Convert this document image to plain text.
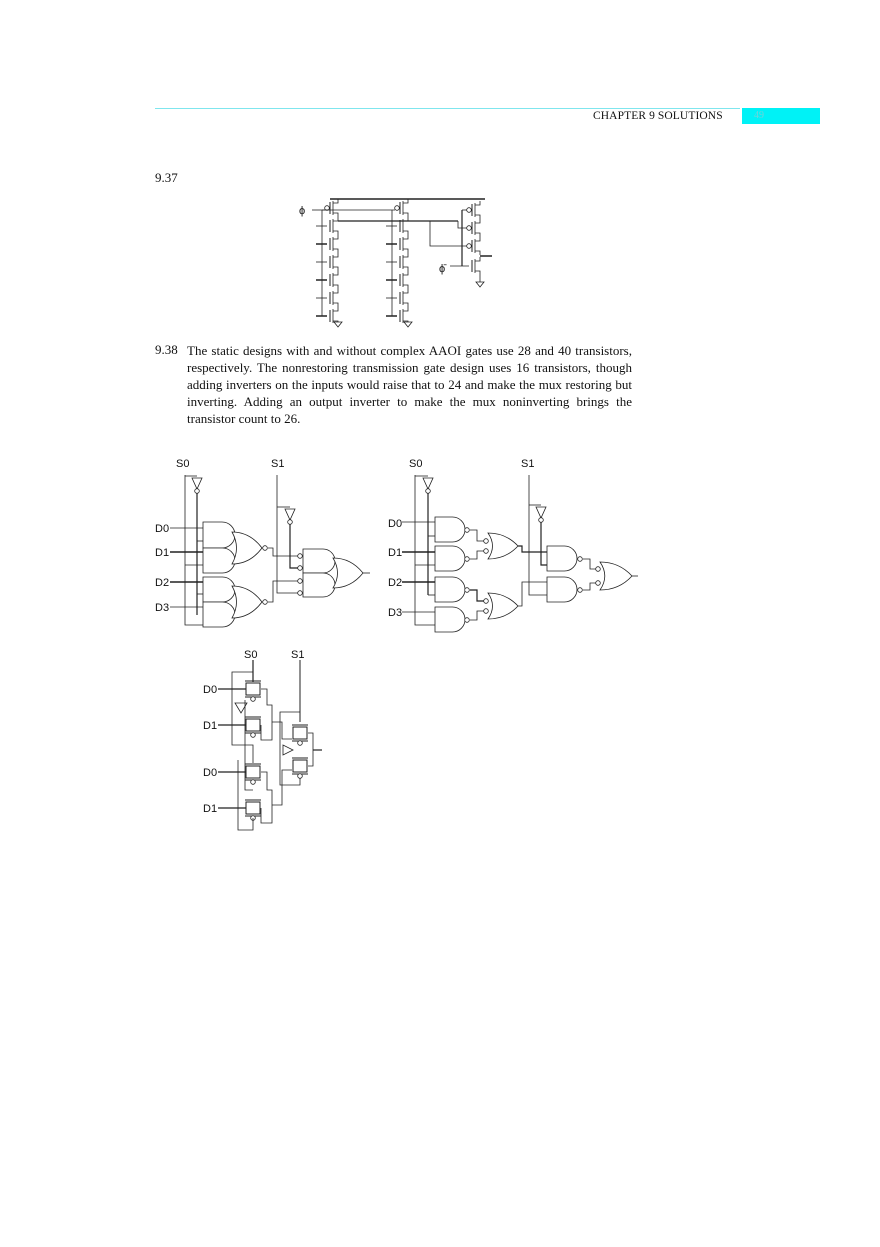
CHAPTER 9 SOLUTIONS	49
9.37
9.38 The static designs with and without complex AAOI gates use 28 and 40 transistors, respectively. The nonrestoring transmission gate design uses 16 transistors, though adding inverters on the inputs would raise that to 24 and make the mux restoring but inverting. Adding an output inverter to make the mux noninverting brings the transistor count to 26.
ϕ
ϕ̄
S0	S1
D0
D1
D2
D3
S0	S1
D0
D1
D2
D3
S0	S1
D0
D1
D0
D1
